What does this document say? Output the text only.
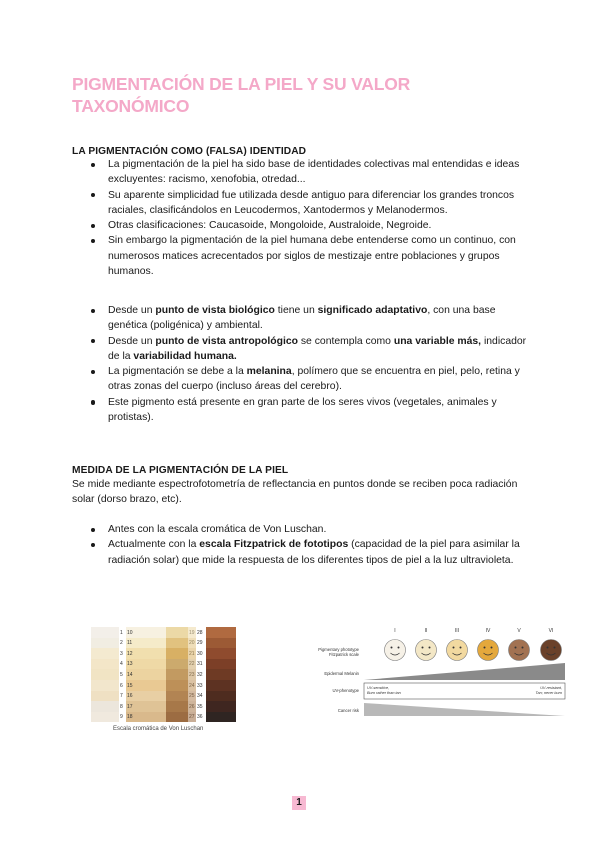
PIGMENTACIÓN DE LA PIEL Y SU VALOR TAXONÓMICO
LA PIGMENTACIÓN COMO (FALSA) IDENTIDAD
La pigmentación de la piel ha sido base de identidades colectivas mal entendidas e ideas excluyentes: racismo, xenofobia, otredad...
Su aparente simplicidad fue utilizada desde antiguo para diferenciar los grandes troncos raciales, clasificándolos en Leucodermos, Xantodermos y Melanodermos.
Otras clasificaciones: Caucasoide, Mongoloide, Australoide, Negroide.
Sin embargo la pigmentación de la piel humana debe entenderse como un continuo, con numerosos matices acrecentados por siglos de mestizaje entre poblaciones y grupos humanos.
Desde un punto de vista biológico tiene un significado adaptativo, con una base genética (poligénica) y ambiental.
Desde un punto de vista antropológico se contempla como una variable más, indicador de la variabilidad humana.
La pigmentación se debe a la melanina, polímero que se encuentra en piel, pelo, retina y otras zonas del cuerpo (incluso áreas del cerebro).
Este pigmento está presente en gran parte de los seres vivos (vegetales, animales y protistas).
MEDIDA DE LA PIGMENTACIÓN DE LA PIEL
Se mide mediante espectrofotometría de reflectancia en puntos donde se reciben poca radiación solar (dorso brazo, etc).
Antes con la escala cromática de Von Luschan.
Actualmente con la escala Fitzpatrick de fototipos (capacidad de la piel para asimilar la radiación solar) que mide la respuesta de los diferentes tipos de piel a la luz ultravioleta.
1
2
3
4
5
6
7
8
9
10
11
12
13
14
15
16
17
18
28
29
30
31
32
33
34
35
36
Escala cromática de Von Luschan
I	II	III	IV	V	VI
Pigmentary phototype
Fitzpatrick scale
Epidermal Melanin
UV-phenotype UV-sensitive,
Burn rather than tan
UV-resistant,
Tan; never burn
Cancer risk
1
